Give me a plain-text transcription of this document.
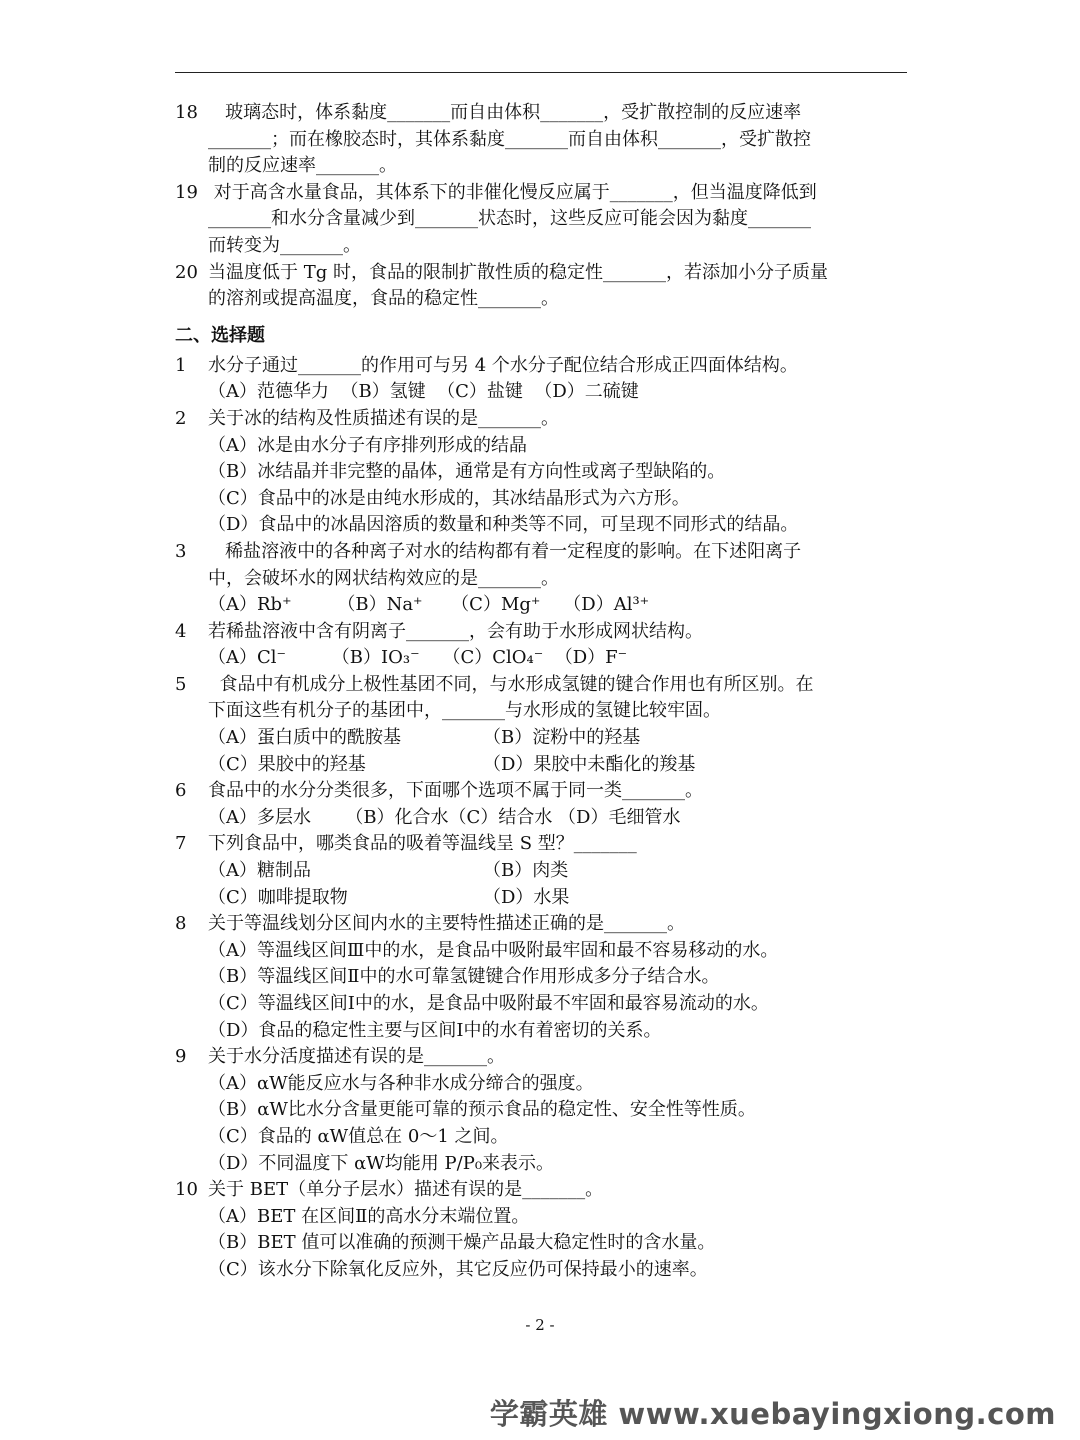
18   玻璃态时，体系黏度_______而自由体积_______，受扩散控制的反应速率
_______；而在橡胶态时，其体系黏度_______而自由体积_______，受扩散控
制的反应速率_______。
19 对于高含水量食品，其体系下的非催化慢反应属于_______，但当温度降低到
_______和水分含量减少到_______状态时，这些反应可能会因为黏度_______
而转变为_______。
20 当温度低于 Tg 时，食品的限制扩散性质的稳定性_______，若添加小分子质量
的溶剂或提高温度，食品的稳定性_______。
二、选择题
1 水分子通过_______的作用可与另 4 个水分子配位结合形成正四面体结构。
（A）范德华力  （B）氢键  （C）盐键  （D）二硫键
2 关于冰的结构及性质描述有误的是_______。
（A）冰是由水分子有序排列形成的结晶
（B）冰结晶并非完整的晶体，通常是有方向性或离子型缺陷的。
（C）食品中的冰是由纯水形成的，其冰结晶形式为六方形。
（D）食品中的冰晶因溶质的数量和种类等不同，可呈现不同形式的结晶。
3   稀盐溶液中的各种离子对水的结构都有着一定程度的影响。在下述阳离子
中，会破坏水的网状结构效应的是_______。
（A）Rb⁺        （B）Na⁺     （C）Mg⁺    （D）Al³⁺
4 若稀盐溶液中含有阴离子_______，会有助于水形成网状结构。
（A）Cl⁻        （B）IO₃⁻    （C）ClO₄⁻  （D）F⁻
5  食品中有机成分上极性基团不同，与水形成氢键的键合作用也有所区别。在
下面这些有机分子的基团中，_______与水形成的氢键比较牢固。
（A）蛋白质中的酰胺基	（B）淀粉中的羟基
（C）果胶中的羟基	（D）果胶中未酯化的羧基
6 食品中的水分分类很多，下面哪个选项不属于同一类_______。
（A）多层水      （B）化合水（C）结合水 （D）毛细管水
7 下列食品中，哪类食品的吸着等温线呈 S 型？_______
（A）糖制品	（B）肉类
（C）咖啡提取物	（D）水果
8 关于等温线划分区间内水的主要特性描述正确的是_______。
（A）等温线区间Ⅲ中的水，是食品中吸附最牢固和最不容易移动的水。
（B）等温线区间Ⅱ中的水可靠氢键键合作用形成多分子结合水。
（C）等温线区间Ⅰ中的水，是食品中吸附最不牢固和最容易流动的水。
（D）食品的稳定性主要与区间Ⅰ中的水有着密切的关系。
9 关于水分活度描述有误的是_______。
（A）αW能反应水与各种非水成分缔合的强度。
（B）αW比水分含量更能可靠的预示食品的稳定性、安全性等性质。
（C）食品的 αW值总在 0～1 之间。
（D）不同温度下 αW均能用 P/P₀来表示。
10 关于 BET（单分子层水）描述有误的是_______。
（A）BET 在区间Ⅱ的高水分末端位置。
（B）BET 值可以准确的预测干燥产品最大稳定性时的含水量。
（C）该水分下除氧化反应外，其它反应仍可保持最小的速率。
- 2 -
学霸英雄 www.xuebayingxiong.com
